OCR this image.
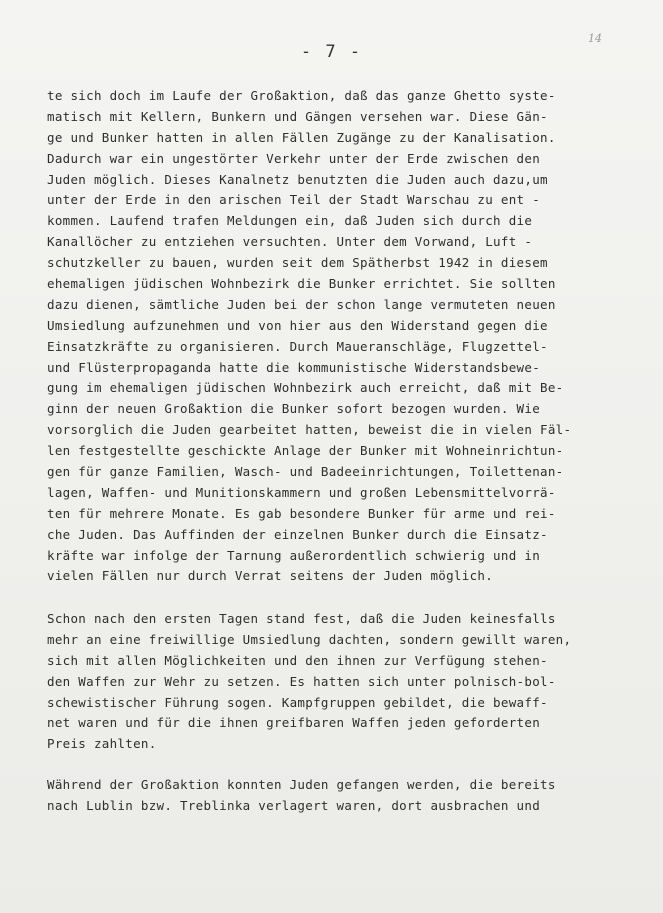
- 7 -
14
te sich doch im Laufe der Großaktion, daß das ganze Ghetto syste-
matisch mit Kellern, Bunkern und Gängen versehen war. Diese Gän-
ge und Bunker hatten in allen Fällen Zugänge zu der Kanalisation.
Dadurch war ein ungestörter Verkehr unter der Erde zwischen den
Juden möglich. Dieses Kanalnetz benutzten die Juden auch dazu,um
unter der Erde in den arischen Teil der Stadt Warschau zu ent -
kommen. Laufend trafen Meldungen ein, daß Juden sich durch die
Kanallöcher zu entziehen versuchten. Unter dem Vorwand, Luft -
schutzkeller zu bauen, wurden seit dem Spätherbst 1942 in diesem
ehemaligen jüdischen Wohnbezirk die Bunker errichtet. Sie sollten
dazu dienen, sämtliche Juden bei der schon lange vermuteten neuen
Umsiedlung aufzunehmen und von hier aus den Widerstand gegen die
Einsatzkräfte zu organisieren. Durch Maueranschläge, Flugzettel-
und Flüsterpropaganda hatte die kommunistische Widerstandsbewe-
gung im ehemaligen jüdischen Wohnbezirk auch erreicht, daß mit Be-
ginn der neuen Großaktion die Bunker sofort bezogen wurden. Wie
vorsorglich die Juden gearbeitet hatten, beweist die in vielen Fäl-
len festgestellte geschickte Anlage der Bunker mit Wohneinrichtun-
gen für ganze Familien, Wasch- und Badeeinrichtungen, Toilettenan-
lagen, Waffen- und Munitionskammern und großen Lebensmittelvorrä-
ten für mehrere Monate. Es gab besondere Bunker für arme und rei-
che Juden. Das Auffinden der einzelnen Bunker durch die Einsatz-
kräfte war infolge der Tarnung außerordentlich schwierig und in
vielen Fällen nur durch Verrat seitens der Juden möglich.
Schon nach den ersten Tagen stand fest, daß die Juden keinesfalls
mehr an eine freiwillige Umsiedlung dachten, sondern gewillt waren,
sich mit allen Möglichkeiten und den ihnen zur Verfügung stehen-
den Waffen zur Wehr zu setzen. Es hatten sich unter polnisch-bol-
schewistischer Führung sogen. Kampfgruppen gebildet, die bewaff-
net waren und für die ihnen greifbaren Waffen jeden geforderten
Preis zahlten.
Während der Großaktion konnten Juden gefangen werden, die bereits
nach Lublin bzw. Treblinka verlagert waren, dort ausbrachen und
